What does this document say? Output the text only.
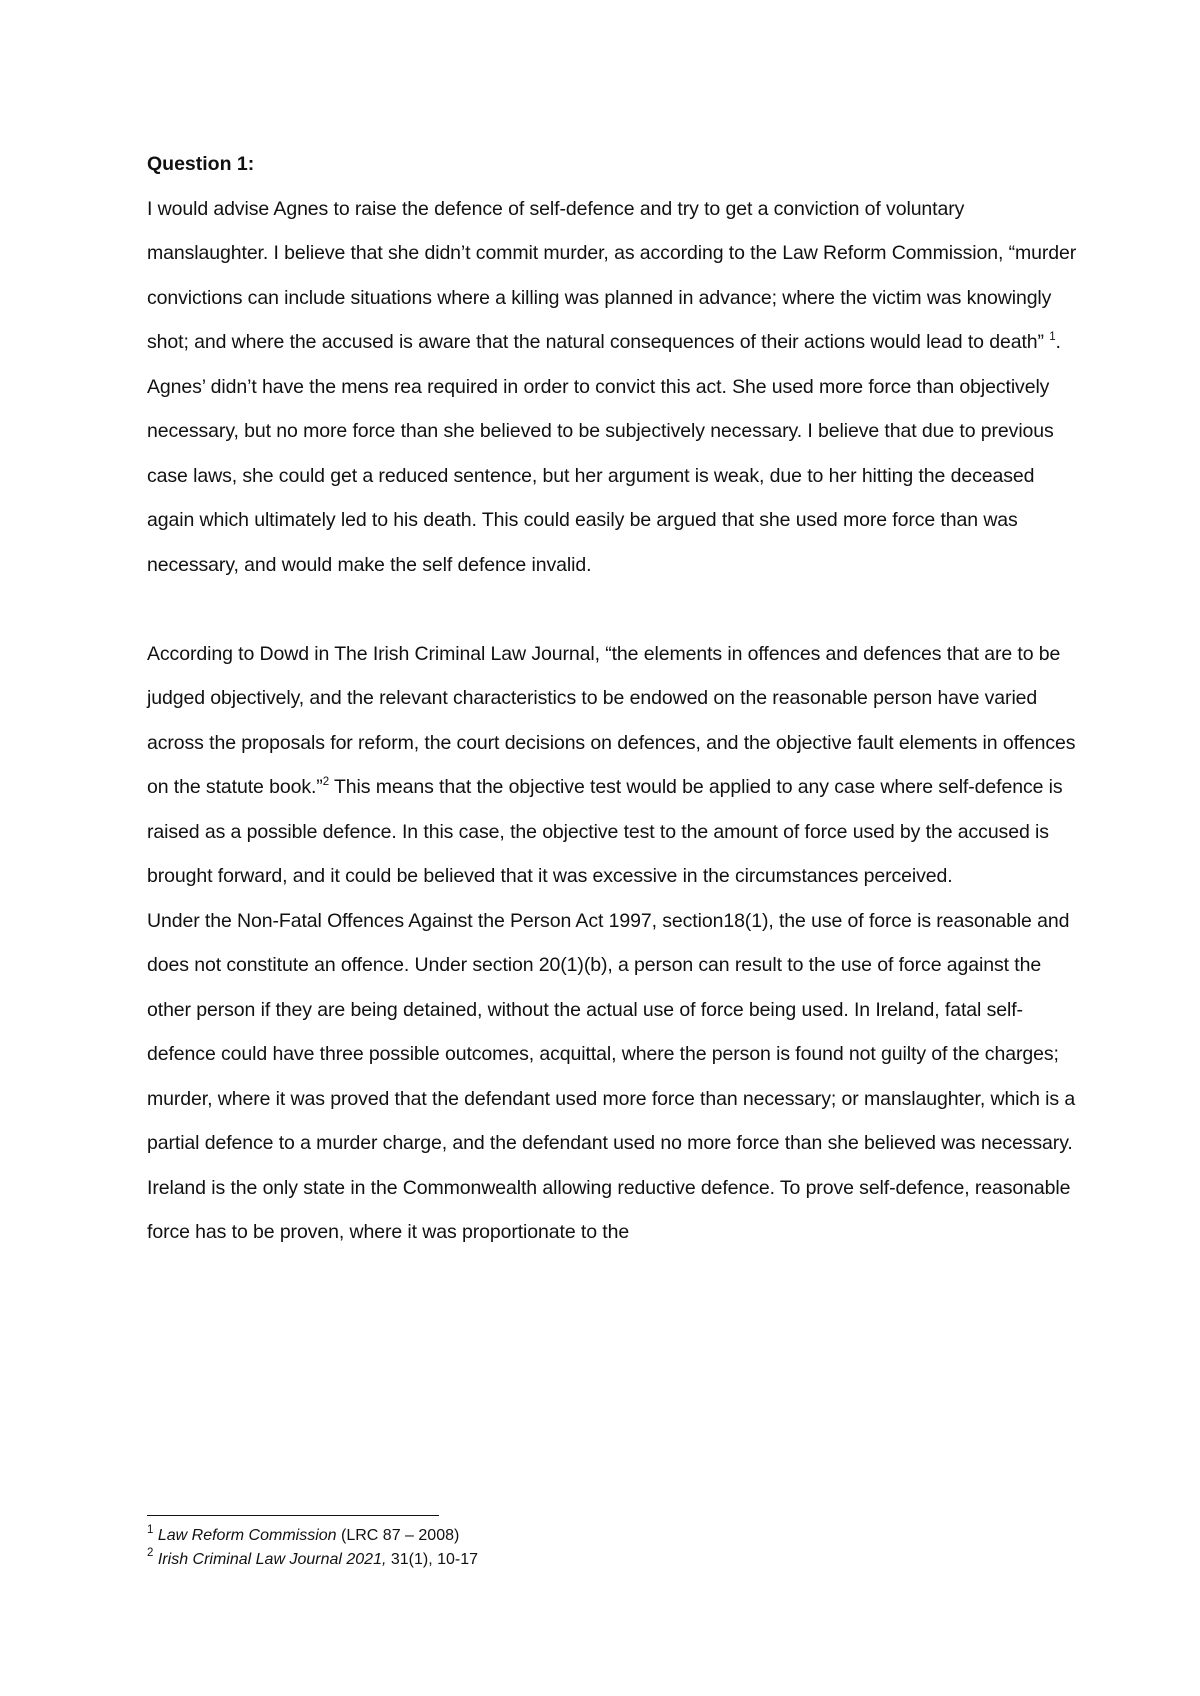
Question 1:

I would advise Agnes to raise the defence of self-defence and try to get a conviction of voluntary manslaughter. I believe that she didn’t commit murder, as according to the Law Reform Commission, “murder convictions can include situations where a killing was planned in advance; where the victim was knowingly shot; and where the accused is aware that the natural consequences of their actions would lead to death” $^1$. Agnes’ didn’t have the mens rea required in order to convict this act. She used more force than objectively necessary, but no more force than she believed to be subjectively necessary. I believe that due to previous case laws, she could get a reduced sentence, but her argument is weak, due to her hitting the deceased again which ultimately led to his death. This could easily be argued that she used more force than was necessary, and would make the self defence invalid.

According to Dowd in The Irish Criminal Law Journal, “the elements in offences and defences that are to be judged objectively, and the relevant characteristics to be endowed on the reasonable person have varied across the proposals for reform, the court decisions on defences, and the objective fault elements in offences on the statute book.”$^2$ This means that the objective test would be applied to any case where self-defence is raised as a possible defence. In this case, the objective test to the amount of force used by the accused is brought forward, and it could be believed that it was excessive in the circumstances perceived.

Under the Non-Fatal Offences Against the Person Act 1997, section18(1), the use of force is reasonable and does not constitute an offence. Under section 20(1)(b), a person can result to the use of force against the other person if they are being detained, without the actual use of force being used. In Ireland, fatal self-defence could have three possible outcomes, acquittal, where the person is found not guilty of the charges; murder, where it was proved that the defendant used more force than necessary; or manslaughter, which is a partial defence to a murder charge, and the defendant used no more force than she believed was necessary. Ireland is the only state in the Commonwealth allowing reductive defence. To prove self-defence, reasonable force has to be proven, where it was proportionate to the

$^1$ Law Reform Commission (LRC 87 – 2008)

$^2$ Irish Criminal Law Journal 2021, 31(1), 10-17
